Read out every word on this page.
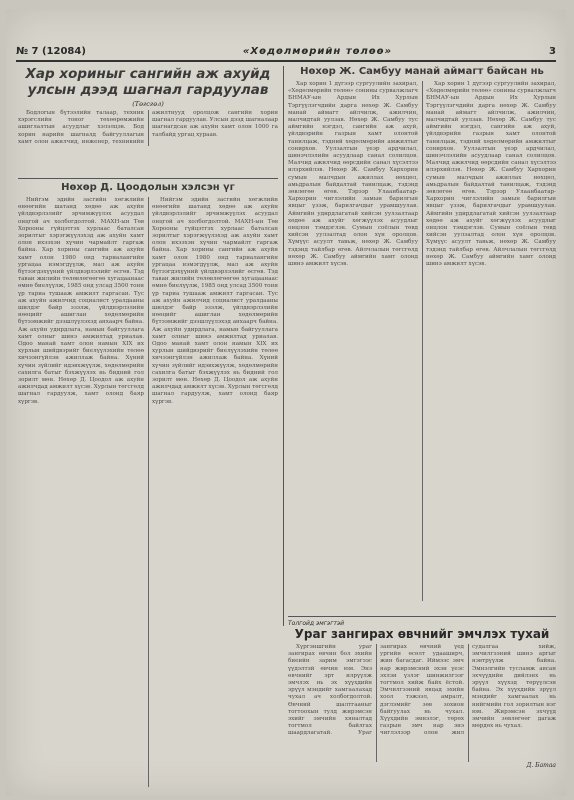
№ 7 (12084)	«Хөдөлмөрийн төлөө»	3
Хар хориныг сангийн аж ахуйд улсын дээд шагнал гардуулав
(Төгсгөл)

Бодлогын бүтээлийн талаар, техник хэрэгслийн тоног төхөөрөмжийн ашиглалтын асуудлыг хэлэлцэв. Бод хорин нарийн шагналд байгууллагын хамт олон ажилчид, инженер, техникийн ажилтнууд оролцож сангийн хорин шагнал гардуулав. Улсын дээд шагналаар шагнагдсан аж ахуйн хамт олон 1000 га талбайд ургац хураав.

Нөхөр Д. Цоодолын хэлсэн үг

Нийгэм эдийн засгийн хөгжлийн өнөөгийн шатанд хөдөө аж ахуйн үйлдвэрлэлийг эрчимжүүлэх асуудал онцгой ач холбогдолтой. МАХН-ын Төв Хорооны гүйцэтгэх хурлаас баталсан зорилтыг хэрэгжүүлэхэд аж ахуйн хамт олон ихээхэн хүчин чармайлт гаргаж байна. Хар хорины сангийн аж ахуйн хамт олон 1980 онд тариалангийн ургацаа нэмэгдүүлж, мал аж ахуйн бүтээгдэхүүний үйлдвэрлэлийг өсгөв. Тэд таван жилийн төлөвлөгөөгөө хугацаанаас өмнө биелүүлж, 1985 онд улсад 3500 тонн үр тариа тушааж амжилт гаргасан. Тус аж ахуйн ажилчид социалист уралдааны шилдэг байр эзэлж, үйлдвэрлэлийн нөөцийг ашиглан хөдөлмөрийн бүтээмжийг дээшлүүлэхэд анхаарч байна. Аж ахуйн удирдлага, намын байгууллага хамт олныг шинэ амжилтад уриалав. Одоо манай хамт олон намын XIX их хурлын шийдвэрийг биелүүлэхийн төлөө хичээнгүйлэн ажиллаж байна. Хүний хүчин зүйлийг идэвхжүүлж, хөдөлмөрийн сахилга батыг бэхжүүлэх нь бидний гол зорилт мөн. Нөхөр Д. Цоодол аж ахуйн ажилчдад амжилт хүсэв. Хурлын төгсгөлд шагнал гардуулж, хамт олонд баяр хүргэв.

Нийгэм эдийн засгийн хөгжлийн өнөөгийн шатанд хөдөө аж ахуйн үйлдвэрлэлийг эрчимжүүлэх асуудал онцгой ач холбогдолтой. МАХН-ын Төв Хорооны гүйцэтгэх хурлаас баталсан зорилтыг хэрэгжүүлэхэд аж ахуйн хамт олон ихээхэн хүчин чармайлт гаргаж байна. Хар хорины сангийн аж ахуйн хамт олон 1980 онд тариалангийн ургацаа нэмэгдүүлж, мал аж ахуйн бүтээгдэхүүний үйлдвэрлэлийг өсгөв. Тэд таван жилийн төлөвлөгөөгөө хугацаанаас өмнө биелүүлж, 1985 онд улсад 3500 тонн үр тариа тушааж амжилт гаргасан. Тус аж ахуйн ажилчид социалист уралдааны шилдэг байр эзэлж, үйлдвэрлэлийн нөөцийг ашиглан хөдөлмөрийн бүтээмжийг дээшлүүлэхэд анхаарч байна. Аж ахуйн удирдлага, намын байгууллага хамт олныг шинэ амжилтад уриалав. Одоо манай хамт олон намын XIX их хурлын шийдвэрийг биелүүлэхийн төлөө хичээнгүйлэн ажиллаж байна. Хүний хүчин зүйлийг идэвхжүүлж, хөдөлмөрийн сахилга батыг бэхжүүлэх нь бидний гол зорилт мөн. Нөхөр Д. Цоодол аж ахуйн ажилчдад амжилт хүсэв. Хурлын төгсгөлд шагнал гардуулж, хамт олонд баяр хүргэв.

Нөхөр Ж. Самбуу манай аймагт байсан нь

Хар хорин 1 дүгээр сургуулийн захирал, «Хөдөлмөрийн төлөө» сонины сурвалжлагч БНМАУ-ын Ардын Их Хурлын Тэргүүлэгчдийн дарга нөхөр Ж. Самбуу манай аймагт айлчилж, ажилчин, малчидтай уулзав. Нөхөр Ж. Самбуу тус аймгийн нэгдэл, сангийн аж ахуй, үйлдвэрийн газрын хамт олонтой танилцаж, тэдний хөдөлмөрийн амжилтыг сонирхов. Уулзалтын үеэр ардчилал, шинэчлэлийн асуудлаар санал солилцов. Малчид ажилчид өөрсдийн санал хүсэлтээ илэрхийлэв. Нөхөр Ж. Самбуу Хархорин сумын малчдын ажиллах нөхцөл, амьдралын байдалтай танилцаж, тэдэнд зөвлөгөө өгөв. Тэрээр Улаанбаатар-Хархорин чиглэлийн замын барилгын явцыг үзэж, барилгачдыг урамшуулав. Аймгийн удирдлагатай хийсэн уулзалтаар хөдөө аж ахуйг хөгжүүлэх асуудлыг онцлон тэмдэглэв. Сумын соёлын төвд хийсэн уулзалтад олон хүн оролцов. Хүмүүс асуулт тавьж, нөхөр Ж. Самбуу тэдэнд тайлбар өгөв. Айлчлалын төгсгөлд нөхөр Ж. Самбуу аймгийн хамт олонд шинэ амжилт хүсэв.

Хар хорин 1 дүгээр сургуулийн захирал, «Хөдөлмөрийн төлөө» сонины сурвалжлагч БНМАУ-ын Ардын Их Хурлын Тэргүүлэгчдийн дарга нөхөр Ж. Самбуу манай аймагт айлчилж, ажилчин, малчидтай уулзав. Нөхөр Ж. Самбуу тус аймгийн нэгдэл, сангийн аж ахуй, үйлдвэрийн газрын хамт олонтой танилцаж, тэдний хөдөлмөрийн амжилтыг сонирхов. Уулзалтын үеэр ардчилал, шинэчлэлийн асуудлаар санал солилцов. Малчид ажилчид өөрсдийн санал хүсэлтээ илэрхийлэв. Нөхөр Ж. Самбуу Хархорин сумын малчдын ажиллах нөхцөл, амьдралын байдалтай танилцаж, тэдэнд зөвлөгөө өгөв. Тэрээр Улаанбаатар-Хархорин чиглэлийн замын барилгын явцыг үзэж, барилгачдыг урамшуулав. Аймгийн удирдлагатай хийсэн уулзалтаар хөдөө аж ахуйг хөгжүүлэх асуудлыг онцлон тэмдэглэв. Сумын соёлын төвд хийсэн уулзалтад олон хүн оролцов. Хүмүүс асуулт тавьж, нөхөр Ж. Самбуу тэдэнд тайлбар өгөв. Айлчлалын төгсгөлд нөхөр Ж. Самбуу аймгийн хамт олонд шинэ амжилт хүсэв.

Толгойд эмгэгтэй
Ураг зангирах өвчнийг эмчлэх тухай

Хүргэншгийн ураг зангирах өвчин бол эхийн биеийн зарим эмгэгээс үүдэлтэй өвчин юм. Энэ өвчнийг эрт илрүүлж эмчлэх нь эх хүүхдийн эрүүл мэндийг хамгаалахад чухал ач холбогдолтой. Өвчний шалтгааныг тогтоохын тулд жирэмсэн эхийг эмчийн хяналтад тогтмол байлгах шаардлагатай. Ураг зангирах өвчний үед ургийн өсөлт удааширч, жин багасдаг. Иймээс эмч нар жирэмсний эхэн үеэс эхлэн үзлэг шинжилгээг тогтмол хийж байх ёстой. Эмчилгээний явцад эхийн хоол тэжээл, амралт, дэглэмийг зөв зохион байгуулах нь чухал. Хүүхдийн эмнэлэг, төрөх газрын эмч нар энэ чиглэлээр олон жил судалгаа хийж, эмчилгээний шинэ аргыг нэвтрүүлж байна. Эмнэлгийн тусламж авсан эхчүүдийн дийлэнх нь эрүүл хүүхэд төрүүлсэн байна. Эх хүүхдийн эрүүл мэндийг хамгаалах нь нийгмийн гол зорилтын нэг юм. Жирэмсэн эхчүүд эмчийн зөвлөгөөг дагаж мөрдөх нь чухал.

Д. Батаа
